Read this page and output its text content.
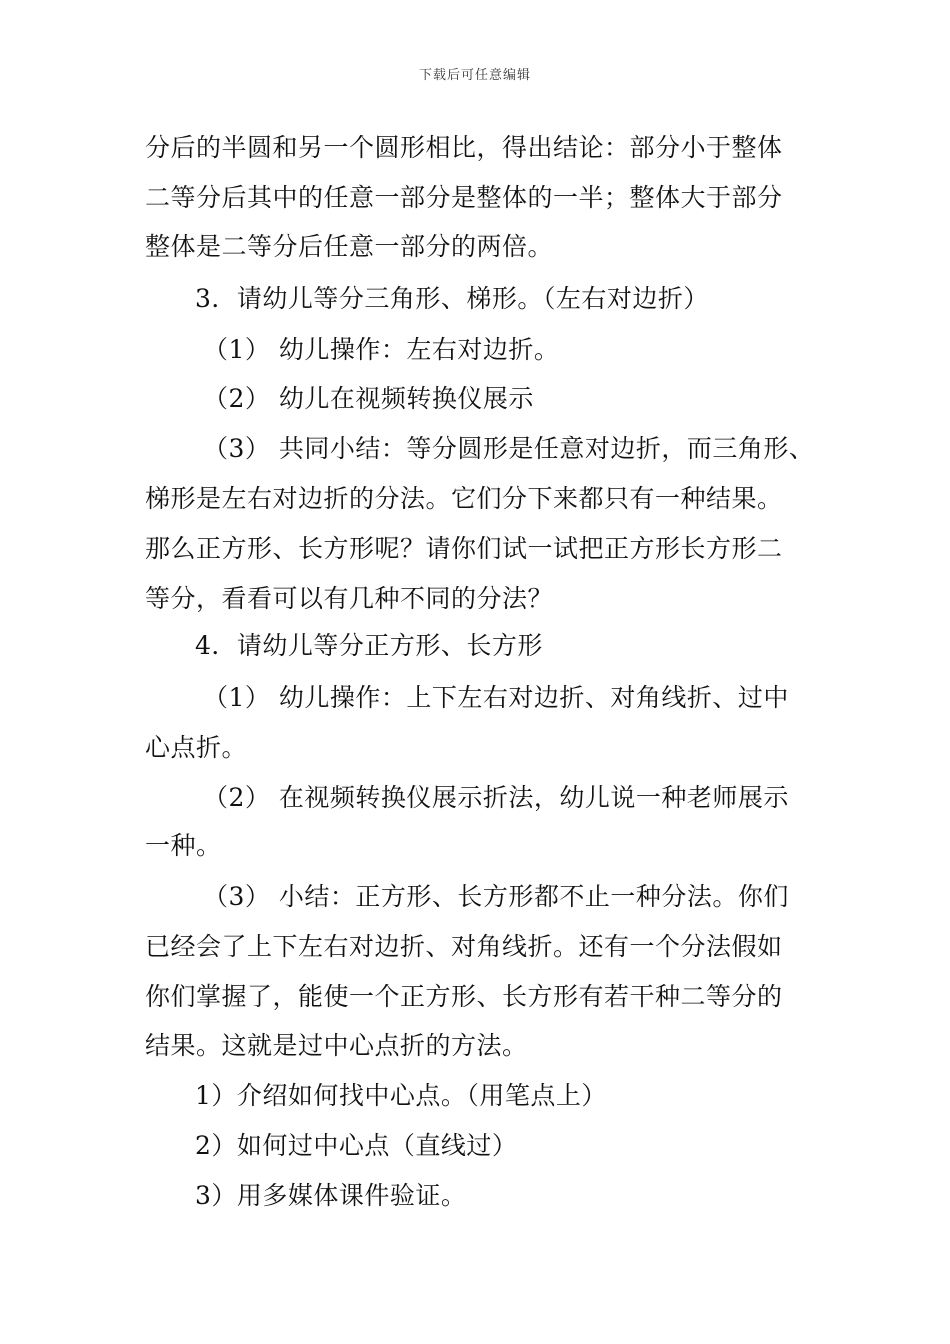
下载后可任意编辑
分后的半圆和另一个圆形相比，得出结论：部分小于整体
二等分后其中的任意一部分是整体的一半；整体大于部分
整体是二等分后任意一部分的两倍。
3．请幼儿等分三角形、梯形。（左右对边折）
（1） 幼儿操作：左右对边折。
（2） 幼儿在视频转换仪展示
（3） 共同小结：等分圆形是任意对边折，而三角形、
梯形是左右对边折的分法。它们分下来都只有一种结果。
那么正方形、长方形呢？请你们试一试把正方形长方形二
等分，看看可以有几种不同的分法？
4．请幼儿等分正方形、长方形
（1） 幼儿操作：上下左右对边折、对角线折、过中
心点折。
（2） 在视频转换仪展示折法，幼儿说一种老师展示
一种。
（3） 小结：正方形、长方形都不止一种分法。你们
已经会了上下左右对边折、对角线折。还有一个分法假如
你们掌握了，能使一个正方形、长方形有若干种二等分的
结果。这就是过中心点折的方法。
1）介绍如何找中心点。（用笔点上）
2）如何过中心点（直线过）
3）用多媒体课件验证。
